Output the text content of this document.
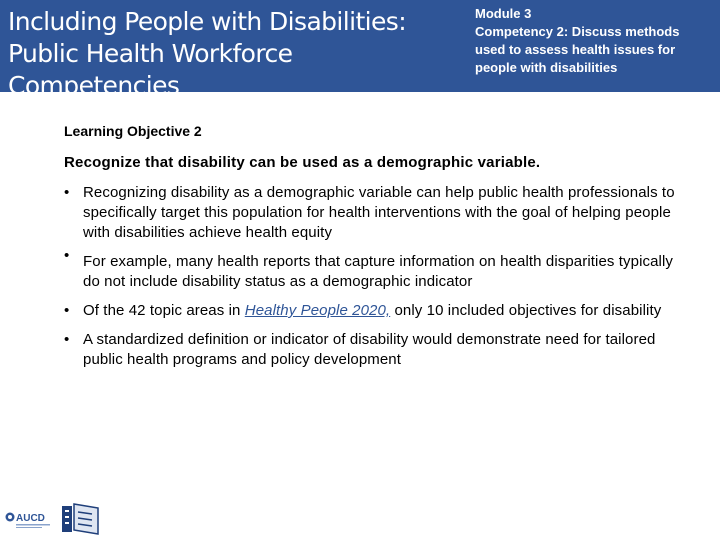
Including People with Disabilities:
Public Health Workforce Competencies
Module 3
Competency 2: Discuss methods
used to assess health issues for
people with disabilities
Learning Objective 2
Recognize that disability can be used as a demographic variable.
• Recognizing disability as a demographic variable can help public health professionals to specifically target this population for health interventions with the goal of helping people with disabilities achieve health equity
• For example, many health reports that capture information on health disparities typically do not include disability status as a demographic indicator
• Of the 42 topic areas in Healthy People 2020, only 10 included objectives for disability
• A standardized definition or indicator of disability would demonstrate need for tailored public health programs and policy development
AUCD
